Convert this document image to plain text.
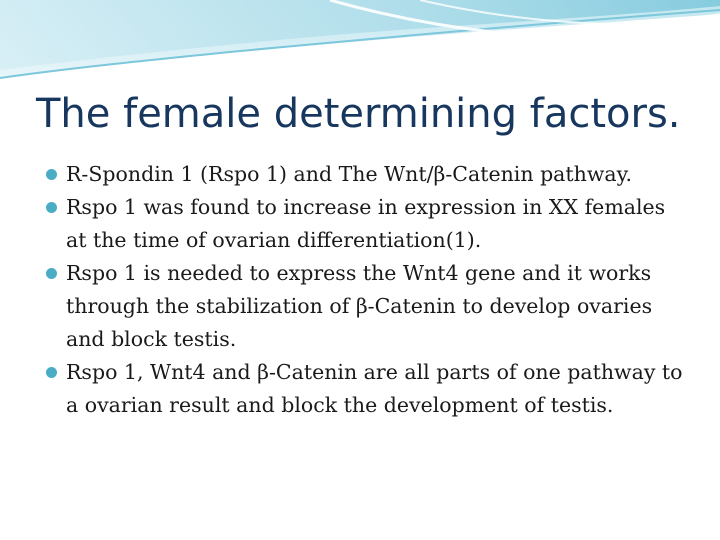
The female determining factors.
R-Spondin 1 (Rspo 1) and The Wnt/β-Catenin pathway.
Rspo 1 was found to increase in expression in XX females at the time of ovarian differentiation(1).
Rspo 1 is needed to express the Wnt4 gene and it works through the stabilization of β-Catenin to develop ovaries and block testis.
Rspo 1, Wnt4 and β-Catenin are all parts of one pathway to a ovarian result and block the development of testis.
